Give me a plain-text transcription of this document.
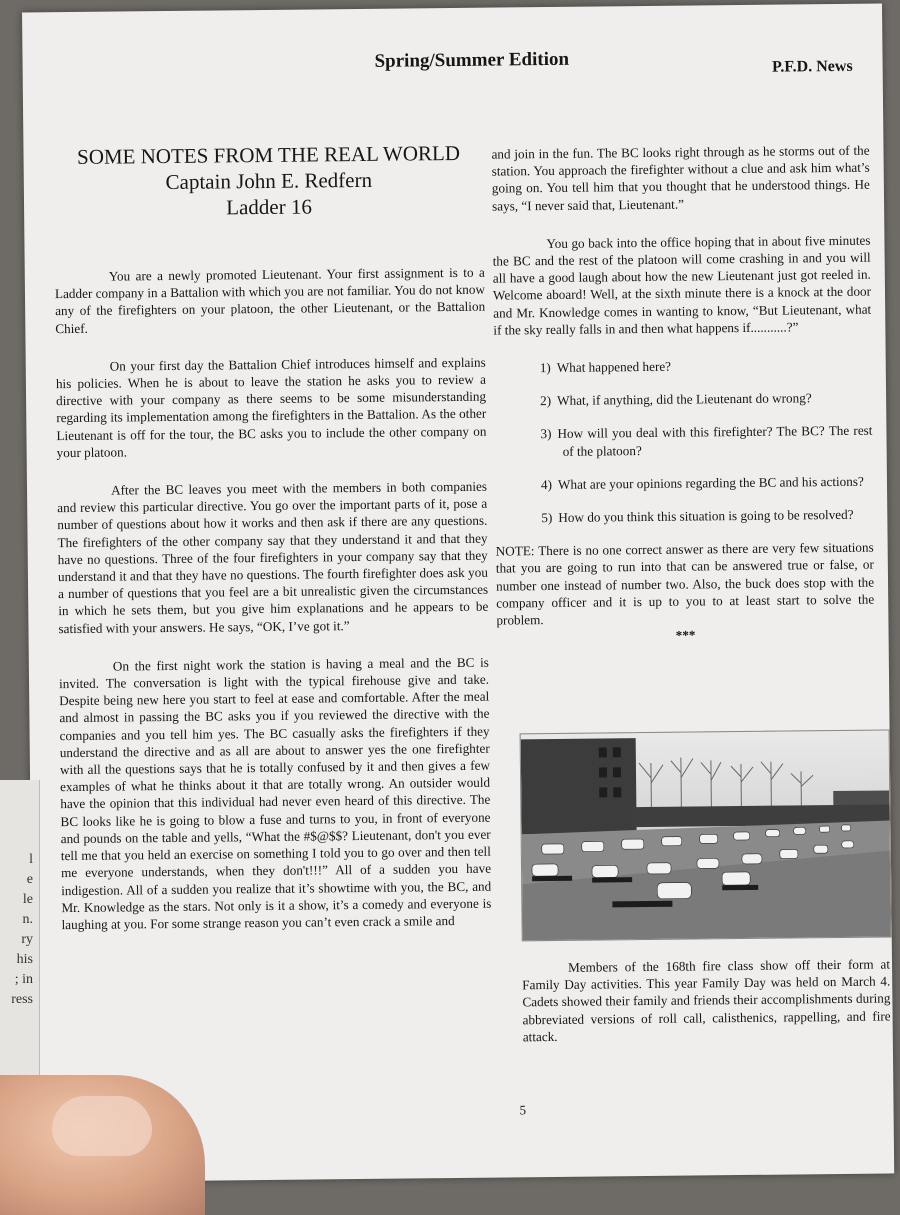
Spring/Summer Edition	P.F.D. News
SOME NOTES FROM THE REAL WORLD
Captain John E. Redfern
Ladder 16

You are a newly promoted Lieutenant. Your first assignment is to a Ladder company in a Battalion with which you are not familiar. You do not know any of the firefighters on your platoon, the other Lieutenant, or the Battalion Chief.

On your first day the Battalion Chief introduces himself and explains his policies. When he is about to leave the station he asks you to review a directive with your company as there seems to be some misunderstanding regarding its implementation among the firefighters in the Battalion. As the other Lieutenant is off for the tour, the BC asks you to include the other company on your platoon.

After the BC leaves you meet with the members in both companies and review this particular directive. You go over the important parts of it, pose a number of questions about how it works and then ask if there are any questions. The firefighters of the other company say that they understand it and that they have no questions. Three of the four firefighters in your company say that they understand it and that they have no questions. The fourth firefighter does ask you a number of questions that you feel are a bit unrealistic given the circumstances in which he sets them, but you give him explanations and he appears to be satisfied with your answers. He says, “OK, I’ve got it.”

On the first night work the station is having a meal and the BC is invited. The conversation is light with the typical firehouse give and take. Despite being new here you start to feel at ease and comfortable. After the meal and almost in passing the BC asks you if you reviewed the directive with the companies and you tell him yes. The BC casually asks the firefighters if they understand the directive and as all are about to answer yes the one firefighter with all the questions says that he is totally confused by it and then gives a few examples of what he thinks about it that are totally wrong. An outsider would have the opinion that this individual had never even heard of this directive. The BC looks like he is going to blow a fuse and turns to you, in front of everyone and pounds on the table and yells, “What the #$@$$? Lieutenant, don't you ever tell me that you held an exercise on something I told you to go over and then tell me everyone understands, when they don't!!!” All of a sudden you have indigestion. All of a sudden you realize that it’s showtime with you, the BC, and Mr. Knowledge as the stars. Not only is it a show, it’s a comedy and everyone is laughing at you. For some strange reason you can’t even crack a smile and

and join in the fun. The BC looks right through as he storms out of the station. You approach the firefighter without a clue and ask him what’s going on. You tell him that you thought that he understood things. He says, “I never said that, Lieutenant.”

You go back into the office hoping that in about five minutes the BC and the rest of the platoon will come crashing in and you will all have a good laugh about how the new Lieutenant just got reeled in. Welcome aboard! Well, at the sixth minute there is a knock at the door and Mr. Knowledge comes in wanting to know, “But Lieutenant, what if the sky really falls in and then what happens if...........?”

1) What happened here?
2) What, if anything, did the Lieutenant do wrong?
3) How will you deal with this firefighter? The BC? The rest of the platoon?
4) What are your opinions regarding the BC and his actions?
5) How do you think this situation is going to be resolved?
NOTE: There is no one correct answer as there are very few situations that you are going to run into that can be answered true or false, or number one instead of number two. Also, the buck does stop with the company officer and it is up to you to at least start to solve the problem.
***
Members of the 168th fire class show off their form at Family Day activities. This year Family Day was held on March 4. Cadets showed their family and friends their accomplishments during abbreviated versions of roll call, calisthenics, rappelling, and fire attack.
5
l
e
le
n.
ry
his
; in
ress
